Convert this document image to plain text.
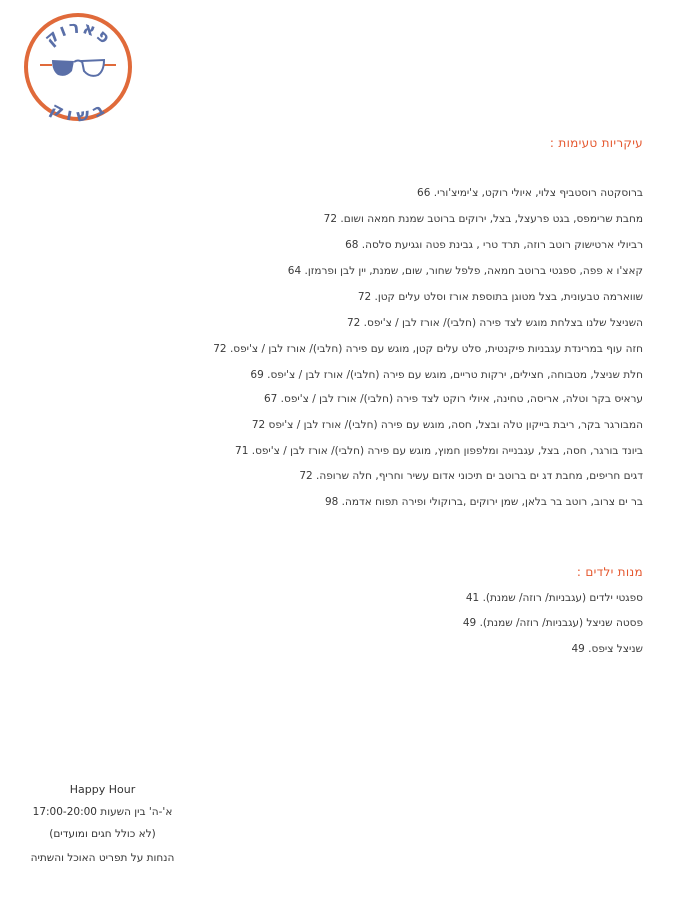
פארוק
בשוק
עיקריות טעימות :
ברוסקטה רוסטביף צלוי, איולי רוקט, צ'ימיצ'ורי. 66
מחבת שרימפס, בגט פרעצל, בצל, ירוקים ברוטב שמנת חמאה ושום. 72
רביולי ארטישוק רוטב רוזה, תרד טרי , גבינת פטה וגגיעת סלסה. 68
קאצ'ו א פפה, ספגטי ברוטב חמאה, פלפל שחור, שום, שמנת, יין לבן ופרמזן. 64
שווארמה טבעונית, בצל מטוגן בתוספת אורז וסלט עלים קטן. 72
השניצל שלנו בצלחת מוגש לצד פירה (חלבי)/ אורז לבן / צ'יפס. 72
חזה עוף במרינדת עגבניות פיקנטית, סלט עלים קטן, מוגש עם פירה (חלבי)/ אורז לבן / צ'יפס. 72
חלת שניצל, מטבוחה, חצילים, ירקות טריים, מוגש עם פירה (חלבי)/ אורז לבן / צ'יפס. 69
עראיס בקר וטלה, אריסה, טחינה, איולי רוקט לצד פירה (חלבי)/ אורז לבן / צ'יפס. 67
המבורגר בקר, ריבת בייקון טלה ובצל, חסה, מוגש עם פירה (חלבי)/ אורז לבן / צ'יפס 72
ביונד בורגר, חסה, בצל, עגבנייה ומלפפון חמוץ, מוגש עם פירה (חלבי)/ אורז לבן / צ'יפס. 71
דגים חריפים, מחבת דג ים ברוטב ים תיכוני אדום עשיר וחריף, חלה שרופה. 72
בר ים צרוב, רוטב בר בלאן, שמן ירוקים ,ברוקולי ופירה תפוח אדמה. 98
מנות ילדים :
ספגטי ילדים (עגבניות/ רוזה/ שמנת). 41
פסטה שניצל (עגבניות/ רוזה/ שמנת). 49
שניצל ציפס. 49
Happy Hour
א'-ה' בין השעות 17:00-20:00
(לא כולל חגים ומועדים)
הנחות על תפריט האוכל והשתיה
